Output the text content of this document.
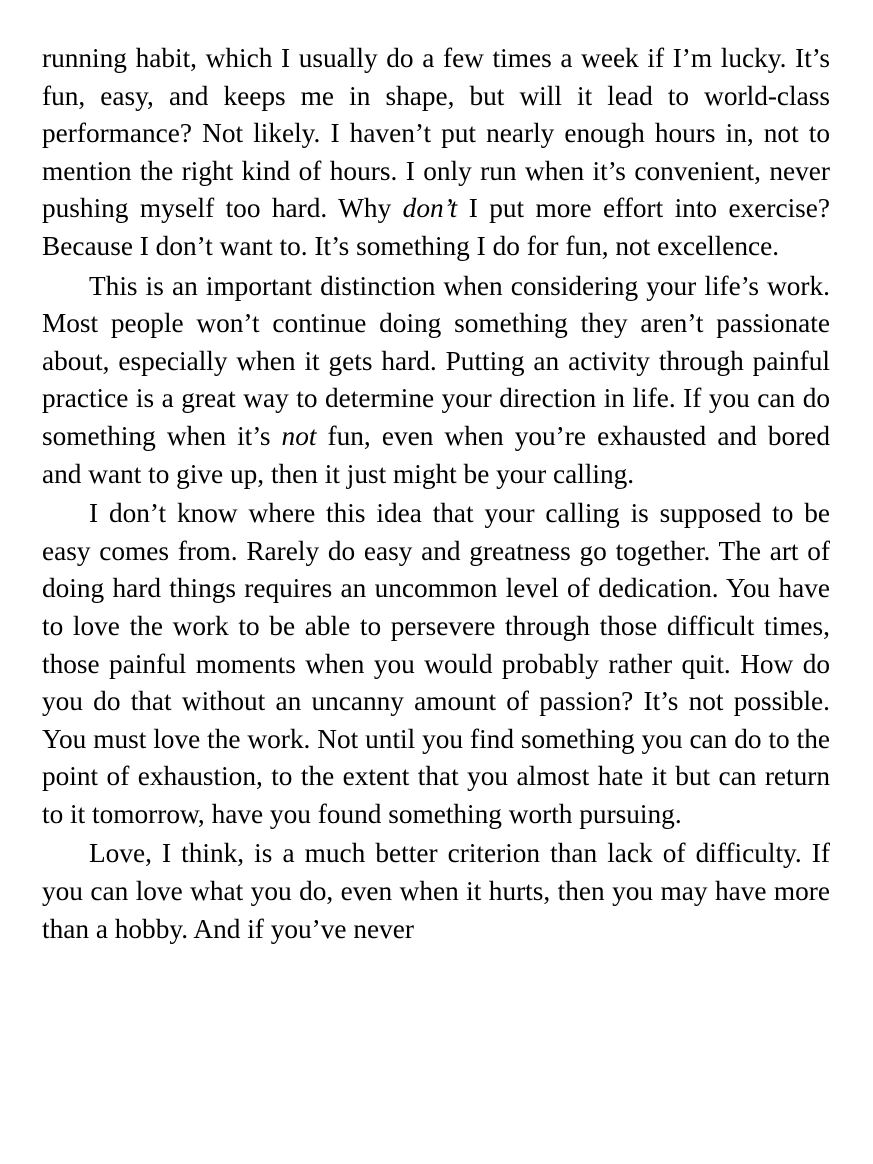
running habit, which I usually do a few times a week if I’m lucky. It’s fun, easy, and keeps me in shape, but will it lead to world-class performance? Not likely. I haven’t put nearly enough hours in, not to mention the right kind of hours. I only run when it’s convenient, never pushing myself too hard. Why don’t I put more effort into exercise? Because I don’t want to. It’s something I do for fun, not excellence.

This is an important distinction when considering your life’s work. Most people won’t continue doing something they aren’t passionate about, especially when it gets hard. Putting an activity through painful practice is a great way to determine your direction in life. If you can do something when it’s not fun, even when you’re exhausted and bored and want to give up, then it just might be your calling.

I don’t know where this idea that your calling is supposed to be easy comes from. Rarely do easy and greatness go together. The art of doing hard things requires an uncommon level of dedication. You have to love the work to be able to persevere through those difficult times, those painful moments when you would probably rather quit. How do you do that without an uncanny amount of passion? It’s not possible. You must love the work. Not until you find something you can do to the point of exhaustion, to the extent that you almost hate it but can return to it tomorrow, have you found something worth pursuing.

Love, I think, is a much better criterion than lack of difficulty. If you can love what you do, even when it hurts, then you may have more than a hobby. And if you’ve never
